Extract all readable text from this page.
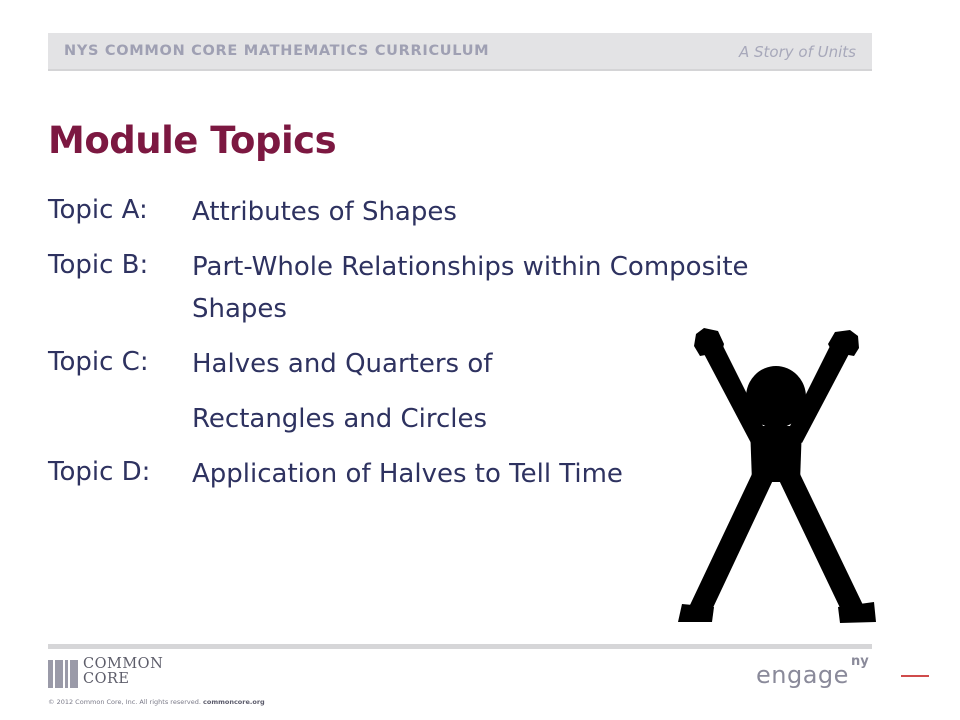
NYS COMMON CORE MATHEMATICS CURRICULUM	A Story of Units
Module Topics
Topic A: Attributes of Shapes
Topic B: Part-Whole Relationships within Composite
Shapes
Topic C: Halves and Quarters of
Rectangles and Circles
Topic D: Application of Halves to Tell Time
COMMON
CORE
© 2012 Common Core, Inc. All rights reserved. commoncore.org
engage ny
